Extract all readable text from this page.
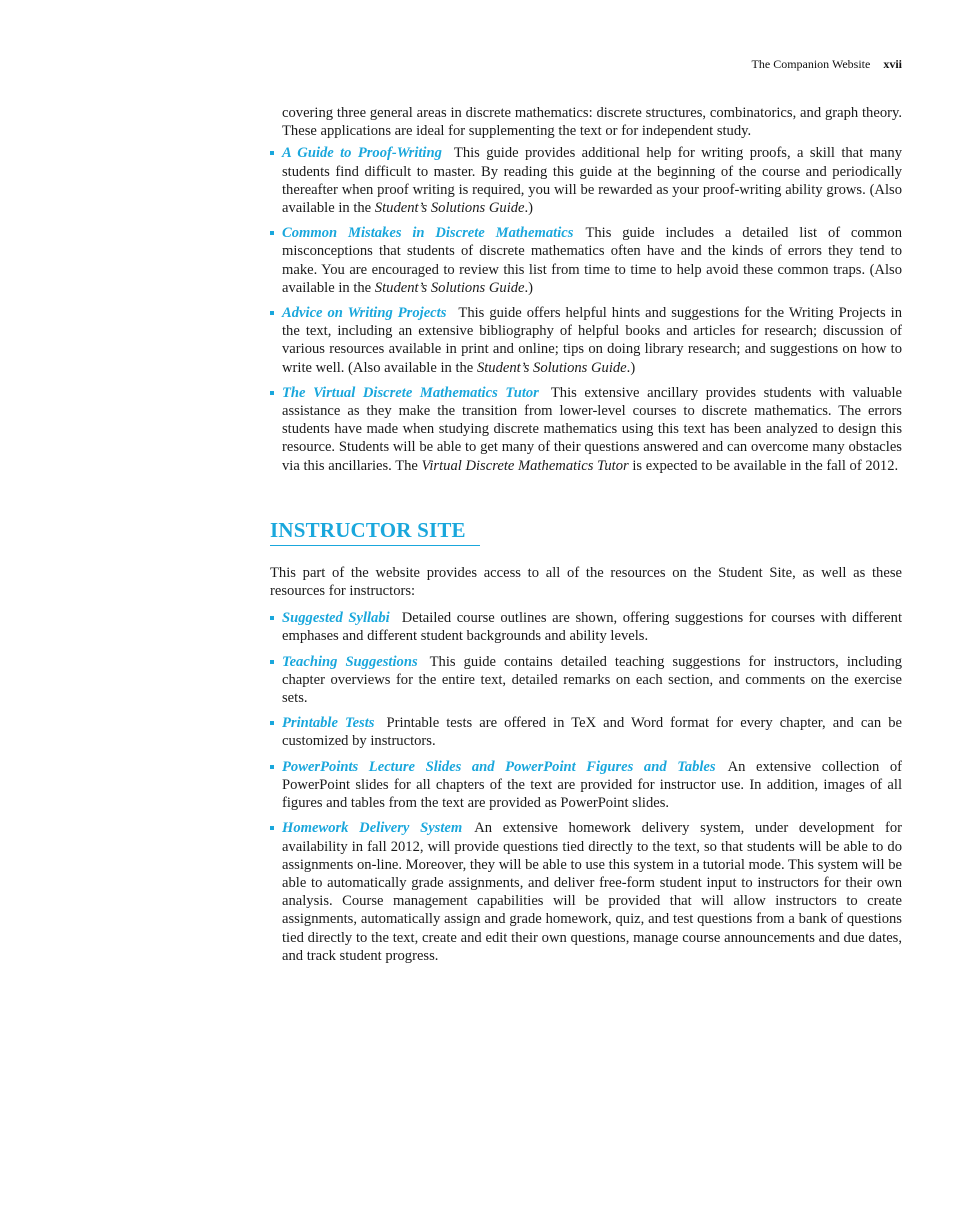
The Companion Website xvii

covering three general areas in discrete mathematics: discrete structures, combinatorics, and graph theory. These applications are ideal for supplementing the text or for independent study.

A Guide to Proof-Writing This guide provides additional help for writing proofs, a skill that many students find difficult to master. By reading this guide at the beginning of the course and periodically thereafter when proof writing is required, you will be rewarded as your proof-writing ability grows. (Also available in the Student’s Solutions Guide.)
Common Mistakes in Discrete Mathematics This guide includes a detailed list of common misconceptions that students of discrete mathematics often have and the kinds of errors they tend to make. You are encouraged to review this list from time to time to help avoid these common traps. (Also available in the Student’s Solutions Guide.)
Advice on Writing Projects This guide offers helpful hints and suggestions for the Writing Projects in the text, including an extensive bibliography of helpful books and articles for research; discussion of various resources available in print and online; tips on doing library research; and suggestions on how to write well. (Also available in the Student’s Solutions Guide.)
The Virtual Discrete Mathematics Tutor This extensive ancillary provides students with valuable assistance as they make the transition from lower-level courses to discrete mathematics. The errors students have made when studying discrete mathematics using this text has been analyzed to design this resource. Students will be able to get many of their questions answered and can overcome many obstacles via this ancillaries. The Virtual Discrete Mathematics Tutor is expected to be available in the fall of 2012.
INSTRUCTOR SITE

This part of the website provides access to all of the resources on the Student Site, as well as these resources for instructors:

Suggested Syllabi Detailed course outlines are shown, offering suggestions for courses with different emphases and different student backgrounds and ability levels.
Teaching Suggestions This guide contains detailed teaching suggestions for instructors, including chapter overviews for the entire text, detailed remarks on each section, and comments on the exercise sets.
Printable Tests Printable tests are offered in TeX and Word format for every chapter, and can be customized by instructors.
PowerPoints Lecture Slides and PowerPoint Figures and Tables An extensive collection of PowerPoint slides for all chapters of the text are provided for instructor use. In addition, images of all figures and tables from the text are provided as PowerPoint slides.
Homework Delivery System An extensive homework delivery system, under development for availability in fall 2012, will provide questions tied directly to the text, so that students will be able to do assignments on-line. Moreover, they will be able to use this system in a tutorial mode. This system will be able to automatically grade assignments, and deliver free-form student input to instructors for their own analysis. Course management capabilities will be provided that will allow instructors to create assignments, automatically assign and grade homework, quiz, and test questions from a bank of questions tied directly to the text, create and edit their own questions, manage course announcements and due dates, and track student progress.
